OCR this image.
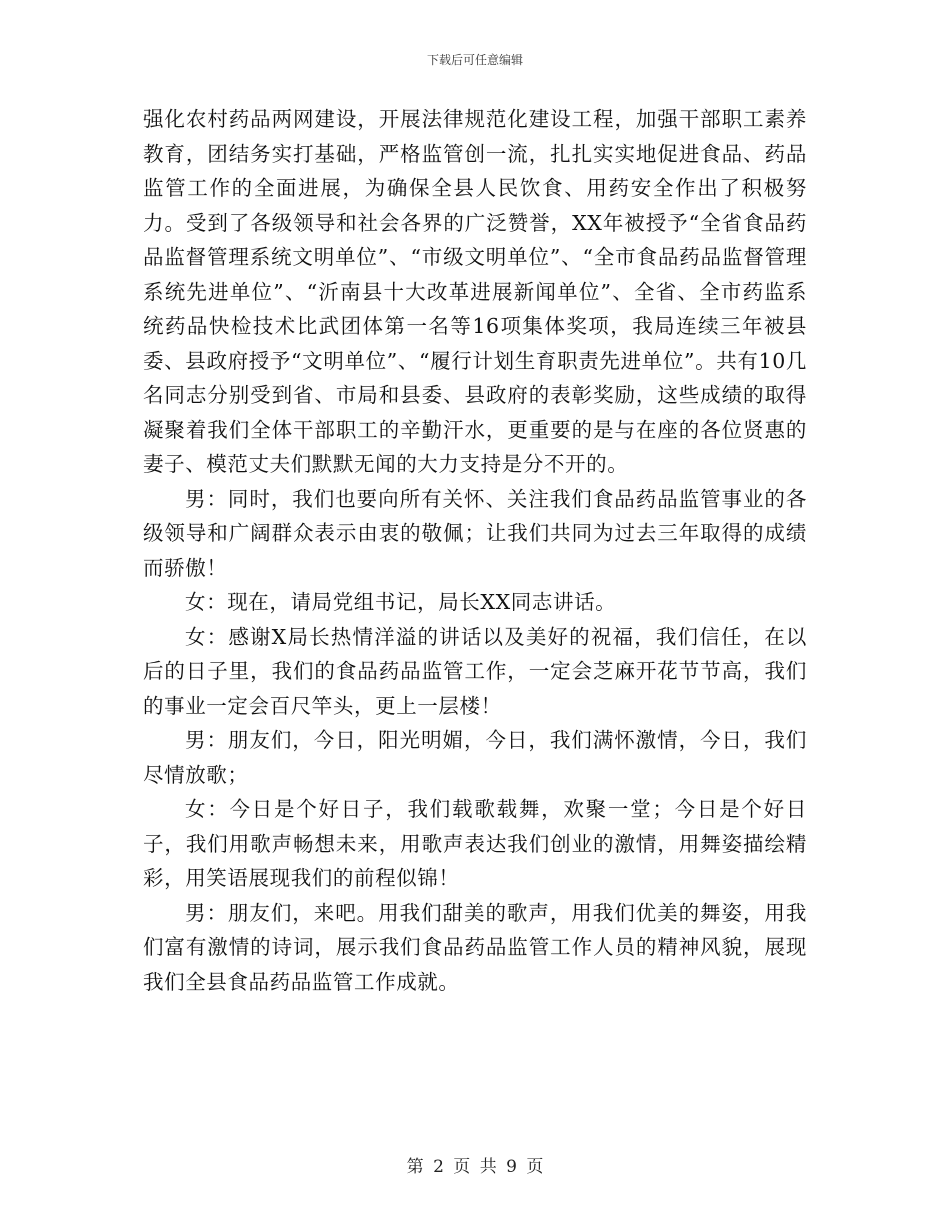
下载后可任意编辑

强化农村药品两网建设，开展法律规范化建设工程，加强干部职工素养教育，团结务实打基础，严格监管创一流，扎扎实实地促进食品、药品监管工作的全面进展，为确保全县人民饮食、用药安全作出了积极努力。受到了各级领导和社会各界的广泛赞誉，XX年被授予“全省食品药品监督管理系统文明单位”、“市级文明单位”、“全市食品药品监督管理系统先进单位”、“沂南县十大改革进展新闻单位”、全省、全市药监系统药品快检技术比武团体第一名等16项集体奖项，我局连续三年被县委、县政府授予“文明单位”、“履行计划生育职责先进单位”。共有10几名同志分别受到省、市局和县委、县政府的表彰奖励，这些成绩的取得凝聚着我们全体干部职工的辛勤汗水，更重要的是与在座的各位贤惠的妻子、模范丈夫们默默无闻的大力支持是分不开的。

男：同时，我们也要向所有关怀、关注我们食品药品监管事业的各级领导和广阔群众表示由衷的敬佩；让我们共同为过去三年取得的成绩而骄傲！

女：现在，请局党组书记，局长XX同志讲话。

女：感谢X局长热情洋溢的讲话以及美好的祝福，我们信任，在以后的日子里，我们的食品药品监管工作，一定会芝麻开花节节高，我们的事业一定会百尺竿头，更上一层楼！

男：朋友们，今日，阳光明媚，今日，我们满怀激情，今日，我们尽情放歌；

女：今日是个好日子，我们载歌载舞，欢聚一堂；今日是个好日子，我们用歌声畅想未来，用歌声表达我们创业的激情，用舞姿描绘精彩，用笑语展现我们的前程似锦！

男：朋友们，来吧。用我们甜美的歌声，用我们优美的舞姿，用我们富有激情的诗词，展示我们食品药品监管工作人员的精神风貌，展现我们全县食品药品监管工作成就。

第 2 页 共 9 页
